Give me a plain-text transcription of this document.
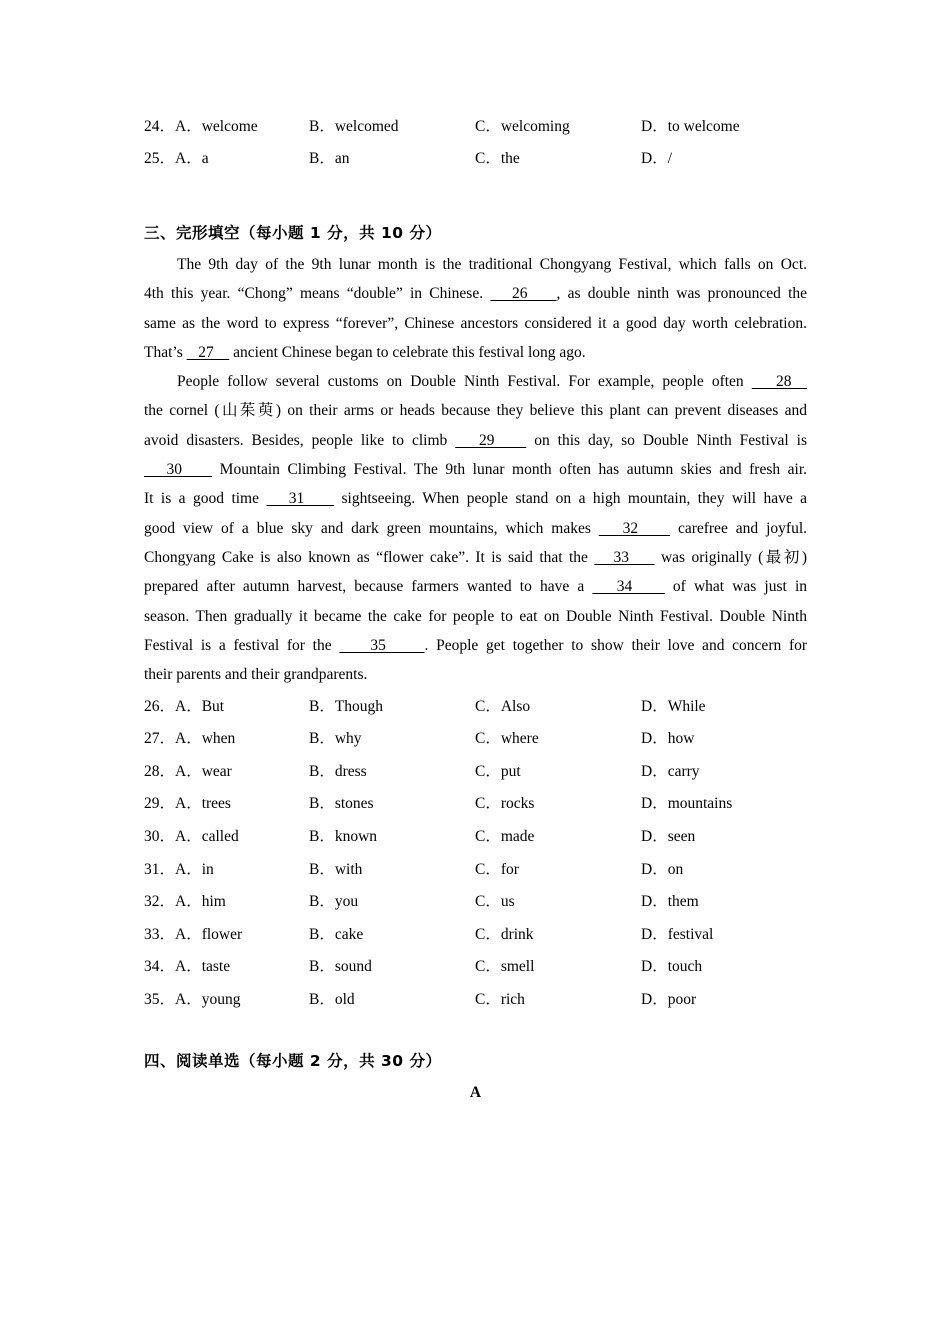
24．A．welcome	B．welcomed	C．welcoming	D．to welcome
25．A．a	B．an	C．the	D．/
三、完形填空（每小题 1 分，共 10 分）
The 9th day of the 9th lunar month is the traditional Chongyang Festival, which falls on Oct.
4th this year. “Chong” means “double” in Chinese.    26    , as double ninth was pronounced the
same as the word to express “forever”, Chinese ancestors considered it a good day worth celebration.
That’s    27     ancient Chinese began to celebrate this festival long ago.
People follow several customs on Double Ninth Festival. For example, people often    28
the cornel (山茱萸) on their arms or heads because they believe this plant can prevent diseases and
avoid disasters. Besides, people like to climb    29     on this day, so Double Ninth Festival is
30     Mountain Climbing Festival. The 9th lunar month often has autumn skies and fresh air.
It is a good time    31     sightseeing. When people stand on a high mountain, they will have a
good view of a blue sky and dark green mountains, which makes    32     carefree and joyful.
Chongyang Cake is also known as “flower cake”. It is said that the    33     was originally (最初)
prepared after autumn harvest, because farmers wanted to have a    34     of what was just in
season. Then gradually it became the cake for people to eat on Double Ninth Festival. Double Ninth
Festival is a festival for the     35     . People get together to show their love and concern for
their parents and their grandparents.
26．A．But	B．Though	C．Also	D．While
27．A．when	B．why	C．where	D．how
28．A．wear	B．dress	C．put	D．carry
29．A．trees	B．stones	C．rocks	D．mountains
30．A．called	B．known	C．made	D．seen
31．A．in	B．with	C．for	D．on
32．A．him	B．you	C．us	D．them
33．A．flower	B．cake	C．drink	D．festival
34．A．taste	B．sound	C．smell	D．touch
35．A．young	B．old	C．rich	D．poor
四、阅读单选（每小题 2 分，共 30 分）
A
